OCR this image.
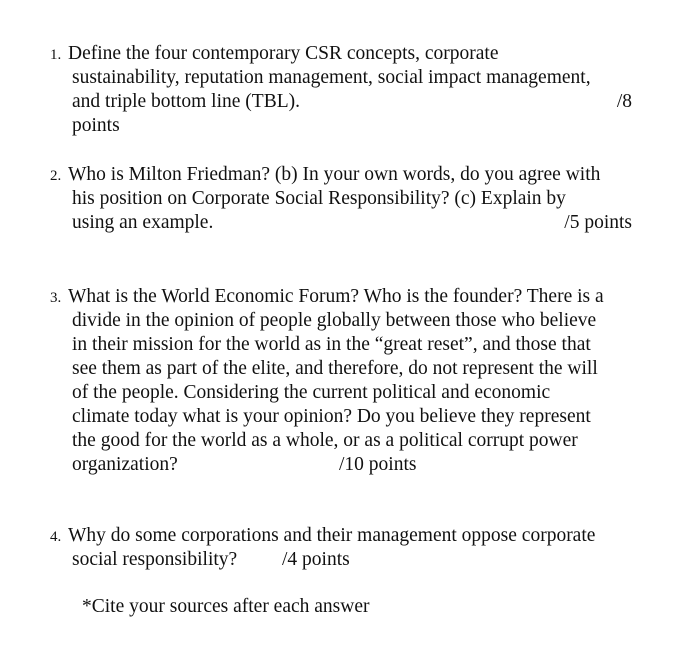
1. Define the four contemporary CSR concepts, corporate
sustainability, reputation management, social impact management,
and triple bottom line (TBL).	/8
points
2. Who is Milton Friedman? (b) In your own words, do you agree with
his position on Corporate Social Responsibility? (c) Explain by
using an example.	/5 points
3. What is the World Economic Forum? Who is the founder? There is a
divide in the opinion of people globally between those who believe
in their mission for the world as in the “great reset”, and those that
see them as part of the elite, and therefore, do not represent the will
of the people. Considering the current political and economic
climate today what is your opinion? Do you believe they represent
the good for the world as a whole, or as a political corrupt power
organization?	/10 points
4. Why do some corporations and their management oppose corporate
social responsibility? /4 points
*Cite your sources after each answer
